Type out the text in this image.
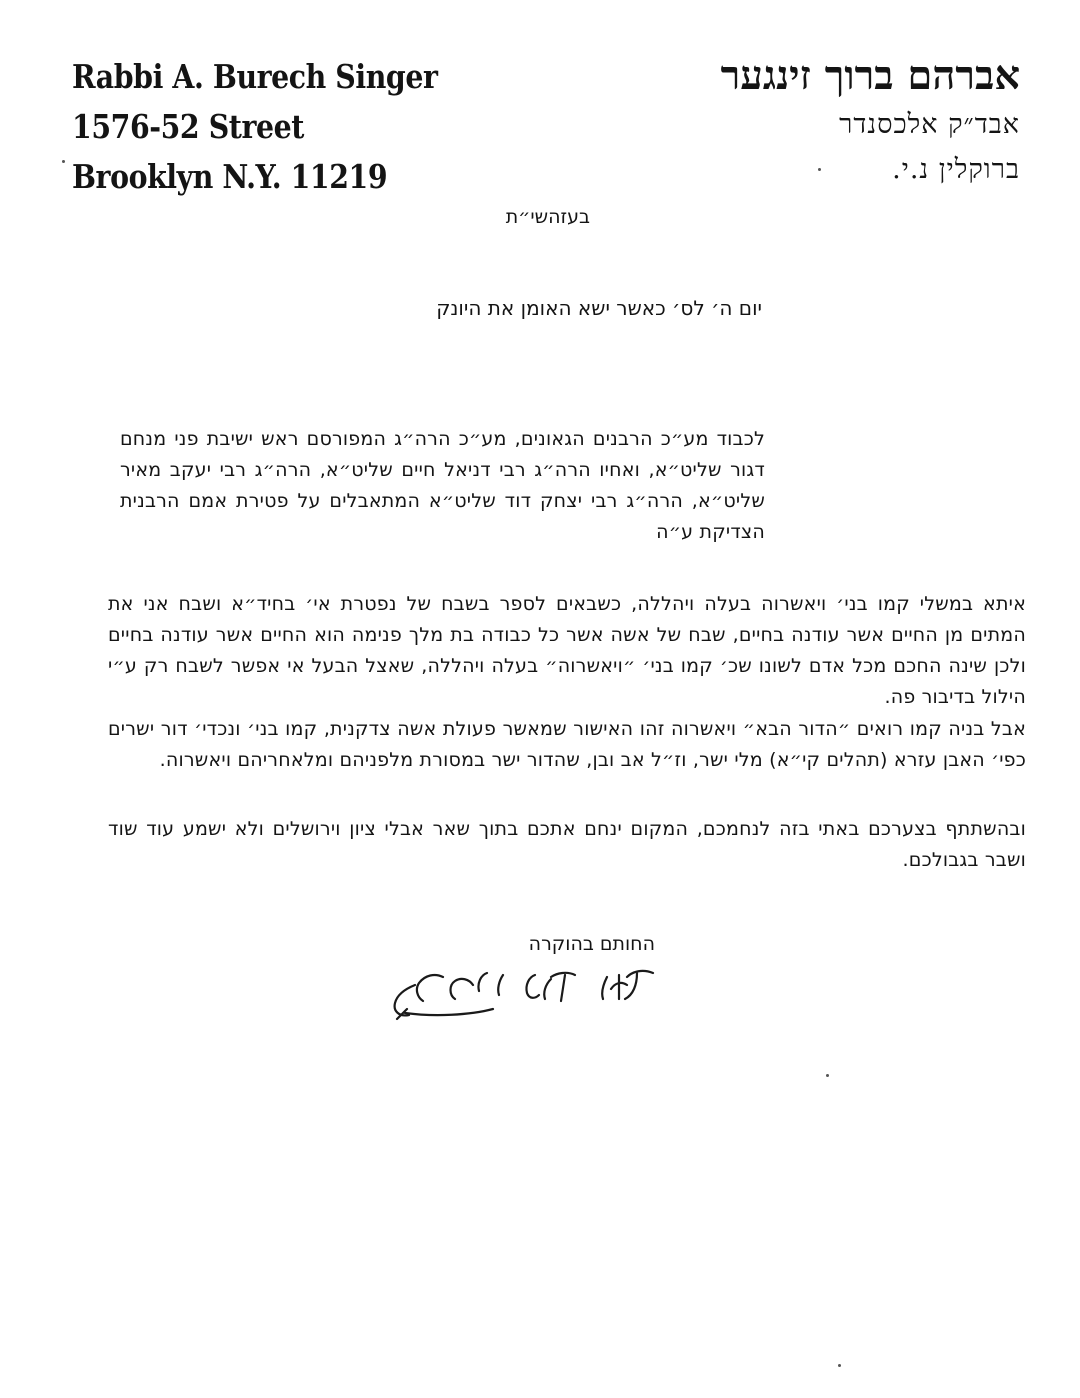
Rabbi A. Burech Singer
1576-52 Street
Brooklyn N.Y. 11219
אברהם ברוך זינגער
אבד״ק אלכסנדר
ברוקלין נ.י.
בעזהשי״ת
יום ה׳ לס׳ כאשר ישא האומן את היונק
לכבוד מע״כ הרבנים הגאונים, מע״כ הרה״ג המפורסם ראש ישיבת פני מנחם דגור שליט״א, ואחיו הרה״ג רבי דניאל חיים שליט״א, הרה״ג רבי יעקב מאיר שליט״א, הרה״ג רבי יצחק דוד שליט״א המתאבלים על פטירת אמם הרבנית הצדיקת ע״ה
איתא במשלי קמו בני׳ ויאשרוה בעלה ויהללה, כשבאים לספר בשבח של נפטרת אי׳ בחיד״א ושבח אני את המתים מן החיים אשר עודנה בחיים, שבח של אשה אשר כל כבודה בת מלך פנימה הוא החיים אשר עודנה בחיים ולכן שינה החכם מכל אדם לשונו שכ׳ קמו בני׳ ״ויאשרוה״ בעלה ויהללה, שאצל הבעל אי אפשר לשבח רק ע״י הילול בדיבור פה.
אבל בניה קמו רואים ״הדור הבא״ ויאשרוה זהו האישור שמאשר פעולת אשה צדקנית, קמו בני׳ ונכדי׳ דור ישרים כפי׳ האבן עזרא (תהלים קי״א) מלי ישר, וז״ל אב ובן, שהדור ישר במסורת מלפניהם ומלאחריהם ויאשרוה.
ובהשתתף בצערכם באתי בזה לנחמכם, המקום ינחם אתכם בתוך שאר אבלי ציון וירושלים ולא ישמע עוד שוד ושבר בגבולכם.
החותם בהוקרה
